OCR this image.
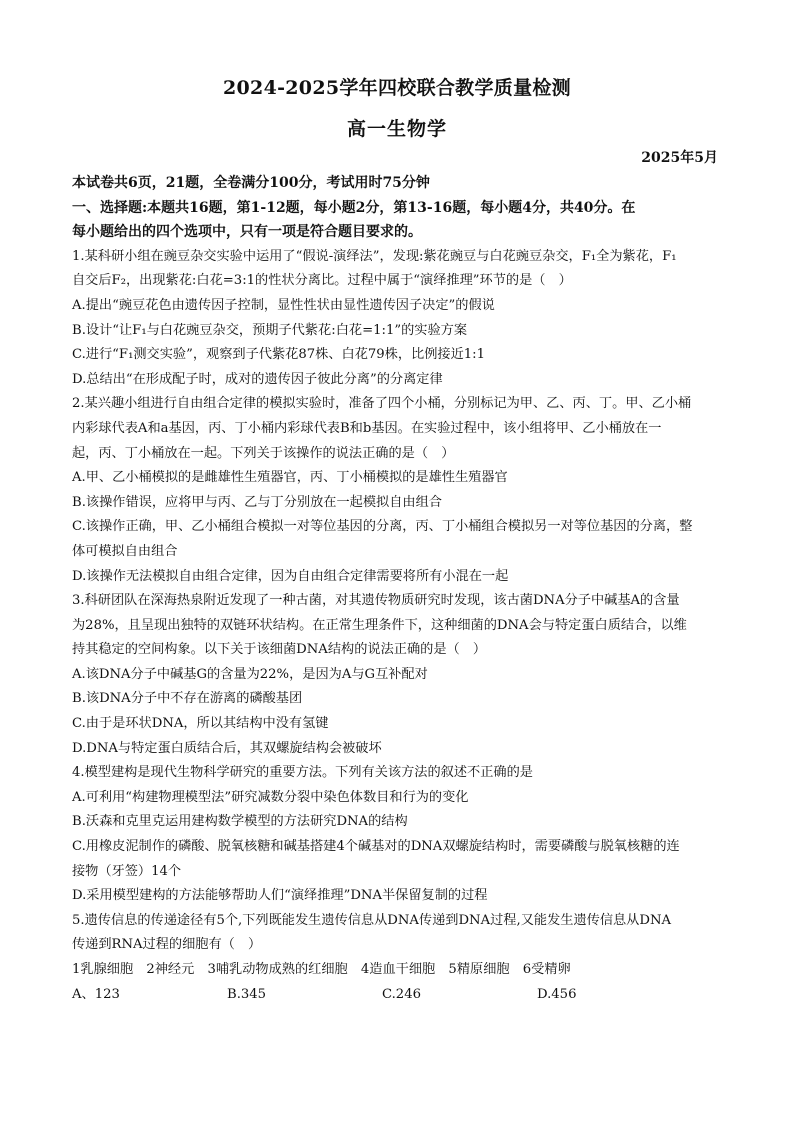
2024-2025学年四校联合教学质量检测
高一生物学
2025年5月
本试卷共6页，21题，全卷满分100分，考试用时75分钟
一、选择题:本题共16题，第1-12题，每小题2分，第13-16题，每小题4分，共40分。在
每小题给出的四个选项中，只有一项是符合题目要求的。
1.某科研小组在豌豆杂交实验中运用了“假说-演绎法”，发现:紫花豌豆与白花豌豆杂交，F₁全为紫花，F₁
自交后F₂，出现紫花:白花=3:1的性状分离比。过程中属于“演绎推理”环节的是（　）
A.提出“豌豆花色由遗传因子控制，显性性状由显性遗传因子决定”的假说
B.设计“让F₁与白花豌豆杂交，预期子代紫花:白花=1:1”的实验方案
C.进行“F₁测交实验”，观察到子代紫花87株、白花79株，比例接近1:1
D.总结出“在形成配子时，成对的遗传因子彼此分离”的分离定律
2.某兴趣小组进行自由组合定律的模拟实验时，准备了四个小桶，分别标记为甲、乙、丙、丁。甲、乙小桶
内彩球代表A和a基因，丙、丁小桶内彩球代表B和b基因。在实验过程中，该小组将甲、乙小桶放在一
起，丙、丁小桶放在一起。下列关于该操作的说法正确的是（　）
A.甲、乙小桶模拟的是雌雄性生殖器官，丙、丁小桶模拟的是雄性生殖器官
B.该操作错误，应将甲与丙、乙与丁分别放在一起模拟自由组合
C.该操作正确，甲、乙小桶组合模拟一对等位基因的分离，丙、丁小桶组合模拟另一对等位基因的分离，整
体可模拟自由组合
D.该操作无法模拟自由组合定律，因为自由组合定律需要将所有小混在一起
3.科研团队在深海热泉附近发现了一种古菌，对其遗传物质研究时发现，该古菌DNA分子中碱基A的含量
为28%，且呈现出独特的双链环状结构。在正常生理条件下，这种细菌的DNA会与特定蛋白质结合，以维
持其稳定的空间构象。以下关于该细菌DNA结构的说法正确的是（　）
A.该DNA分子中碱基G的含量为22%，是因为A与G互补配对
B.该DNA分子中不存在游离的磷酸基团
C.由于是环状DNA，所以其结构中没有氢键
D.DNA与特定蛋白质结合后，其双螺旋结构会被破坏
4.模型建构是现代生物科学研究的重要方法。下列有关该方法的叙述不正确的是
A.可利用“构建物理模型法”研究减数分裂中染色体数目和行为的变化
B.沃森和克里克运用建构数学模型的方法研究DNA的结构
C.用橡皮泥制作的磷酸、脱氧核糖和碱基搭建4个碱基对的DNA双螺旋结构时，需要磷酸与脱氧核糖的连
接物（牙签）14个
D.采用模型建构的方法能够帮助人们“演绎推理”DNA半保留复制的过程
5.遗传信息的传递途径有5个,下列既能发生遗传信息从DNA传递到DNA过程,又能发生遗传信息从DNA
传递到RNA过程的细胞有（　）
1乳腺细胞　2神经元　3哺乳动物成熟的红细胞　4造血干细胞　5精原细胞　6受精卵
A、123	B.345	C.246	D.456
